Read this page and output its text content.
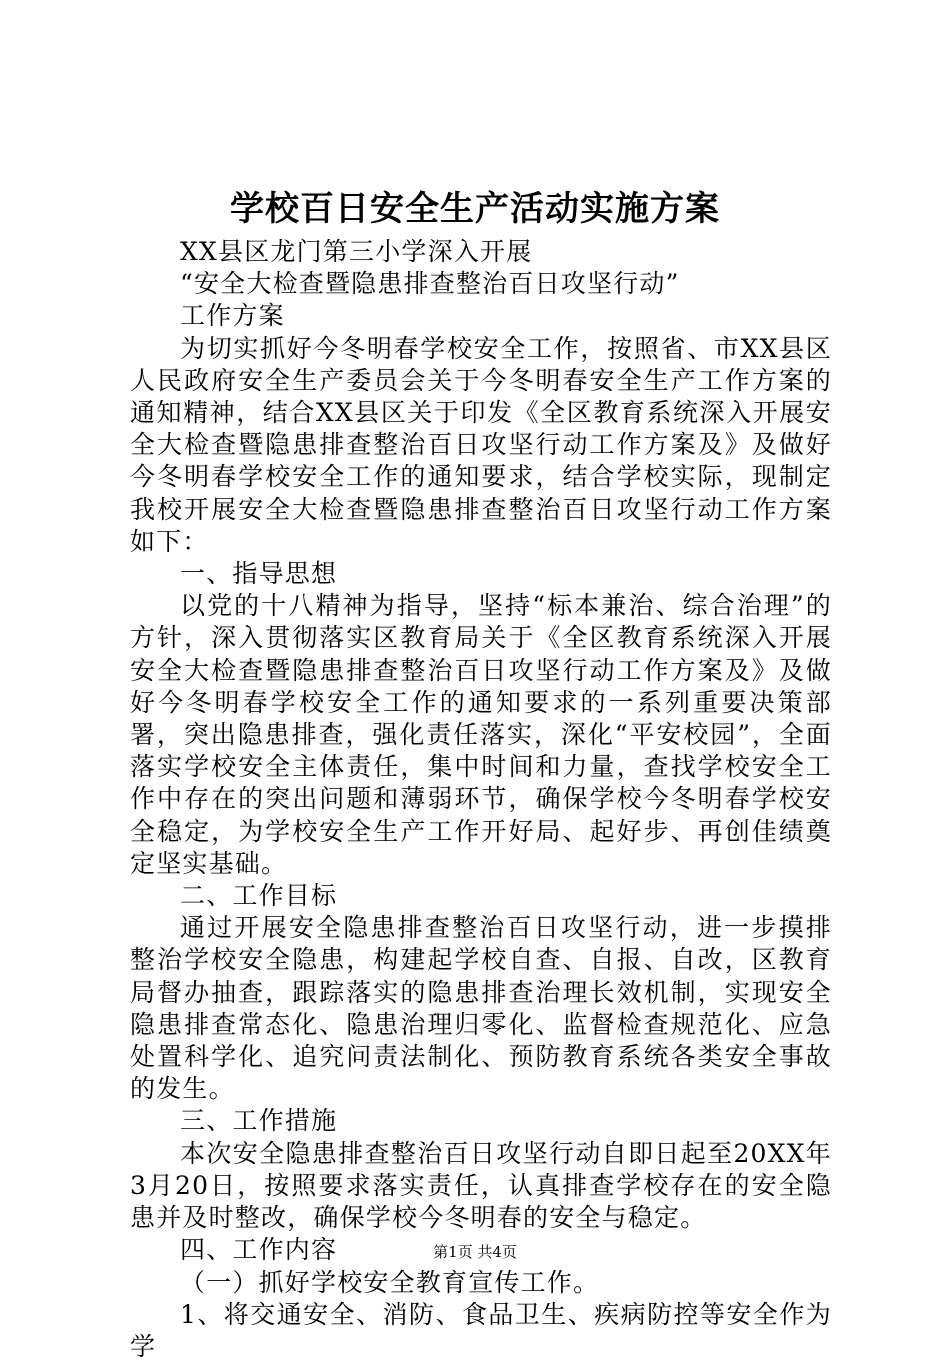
学校百日安全生产活动实施方案

XX县区龙门第三小学深入开展

“安全大检查暨隐患排查整治百日攻坚行动”

工作方案

为切实抓好今冬明春学校安全工作，按照省、市XX县区人民政府安全生产委员会关于今冬明春安全生产工作方案的通知精神，结合XX县区关于印发《全区教育系统深入开展安全大检查暨隐患排查整治百日攻坚行动工作方案及》及做好今冬明春学校安全工作的通知要求，结合学校实际，现制定我校开展安全大检查暨隐患排查整治百日攻坚行动工作方案如下：

一、指导思想

以党的十八精神为指导，坚持“标本兼治、综合治理”的方针，深入贯彻落实区教育局关于《全区教育系统深入开展安全大检查暨隐患排查整治百日攻坚行动工作方案及》及做好今冬明春学校安全工作的通知要求的一系列重要决策部署，突出隐患排查，强化责任落实，深化“平安校园”，全面落实学校安全主体责任，集中时间和力量，查找学校安全工作中存在的突出问题和薄弱环节，确保学校今冬明春学校安全稳定，为学校安全生产工作开好局、起好步、再创佳绩奠定坚实基础。

二、工作目标

通过开展安全隐患排查整治百日攻坚行动，进一步摸排整治学校安全隐患，构建起学校自查、自报、自改，区教育局督办抽查，跟踪落实的隐患排查治理长效机制，实现安全隐患排查常态化、隐患治理归零化、监督检查规范化、应急处置科学化、追究问责法制化、预防教育系统各类安全事故的发生。

三、工作措施

本次安全隐患排查整治百日攻坚行动自即日起至20XX年3月20日，按照要求落实责任，认真排查学校存在的安全隐患并及时整改，确保学校今冬明春的安全与稳定。

四、工作内容

（一）抓好学校安全教育宣传工作。

1、将交通安全、消防、食品卫生、疾病防控等安全作为学

第1页 共4页
